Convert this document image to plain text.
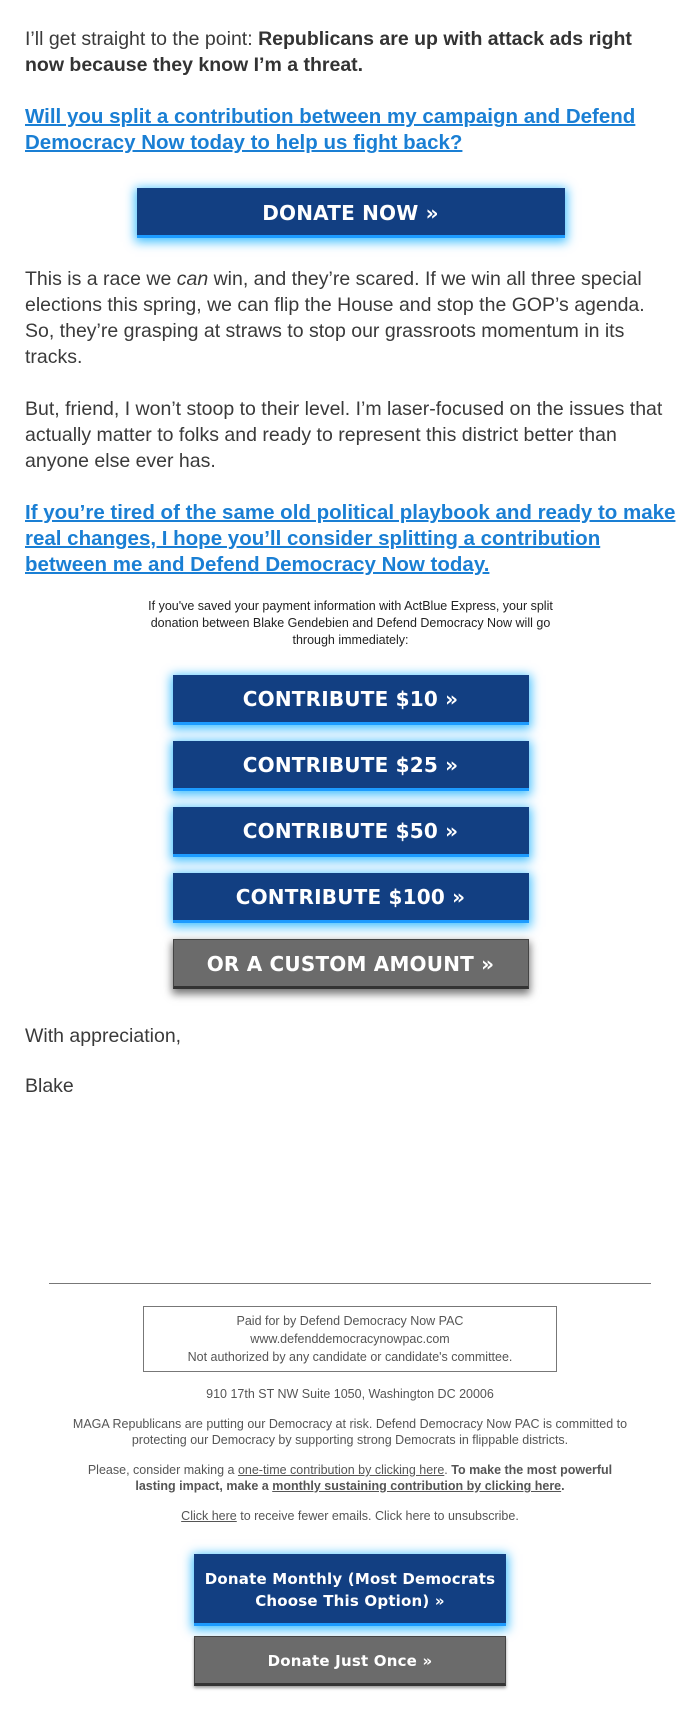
I’ll get straight to the point: Republicans are up with attack ads right now because they know I’m a threat.

Will you split a contribution between my campaign and Defend Democracy Now today to help us fight back?

DONATE NOW »

This is a race we can win, and they’re scared. If we win all three special elections this spring, we can flip the House and stop the GOP’s agenda. So, they’re grasping at straws to stop our grassroots momentum in its tracks.

But, friend, I won’t stoop to their level. I’m laser-focused on the issues that actually matter to folks and ready to represent this district better than anyone else ever has.

If you’re tired of the same old political playbook and ready to make real changes, I hope you’ll consider splitting a contribution between me and Defend Democracy Now today.

If you've saved your payment information with ActBlue Express, your split donation between Blake Gendebien and Defend Democracy Now will go through immediately:

CONTRIBUTE $10 »
CONTRIBUTE $25 »
CONTRIBUTE $50 »
CONTRIBUTE $100 »
OR A CUSTOM AMOUNT »

With appreciation,

Blake

Paid for by Defend Democracy Now PAC
www.defenddemocracynowpac.com
Not authorized by any candidate or candidate's committee.

910 17th ST NW Suite 1050, Washington DC 20006

MAGA Republicans are putting our Democracy at risk. Defend Democracy Now PAC is committed to protecting our Democracy by supporting strong Democrats in flippable districts.

Please, consider making a one-time contribution by clicking here. To make the most powerful lasting impact, make a monthly sustaining contribution by clicking here.

Click here to receive fewer emails. Click here to unsubscribe.

Donate Monthly (Most Democrats Choose This Option) »
Donate Just Once »
